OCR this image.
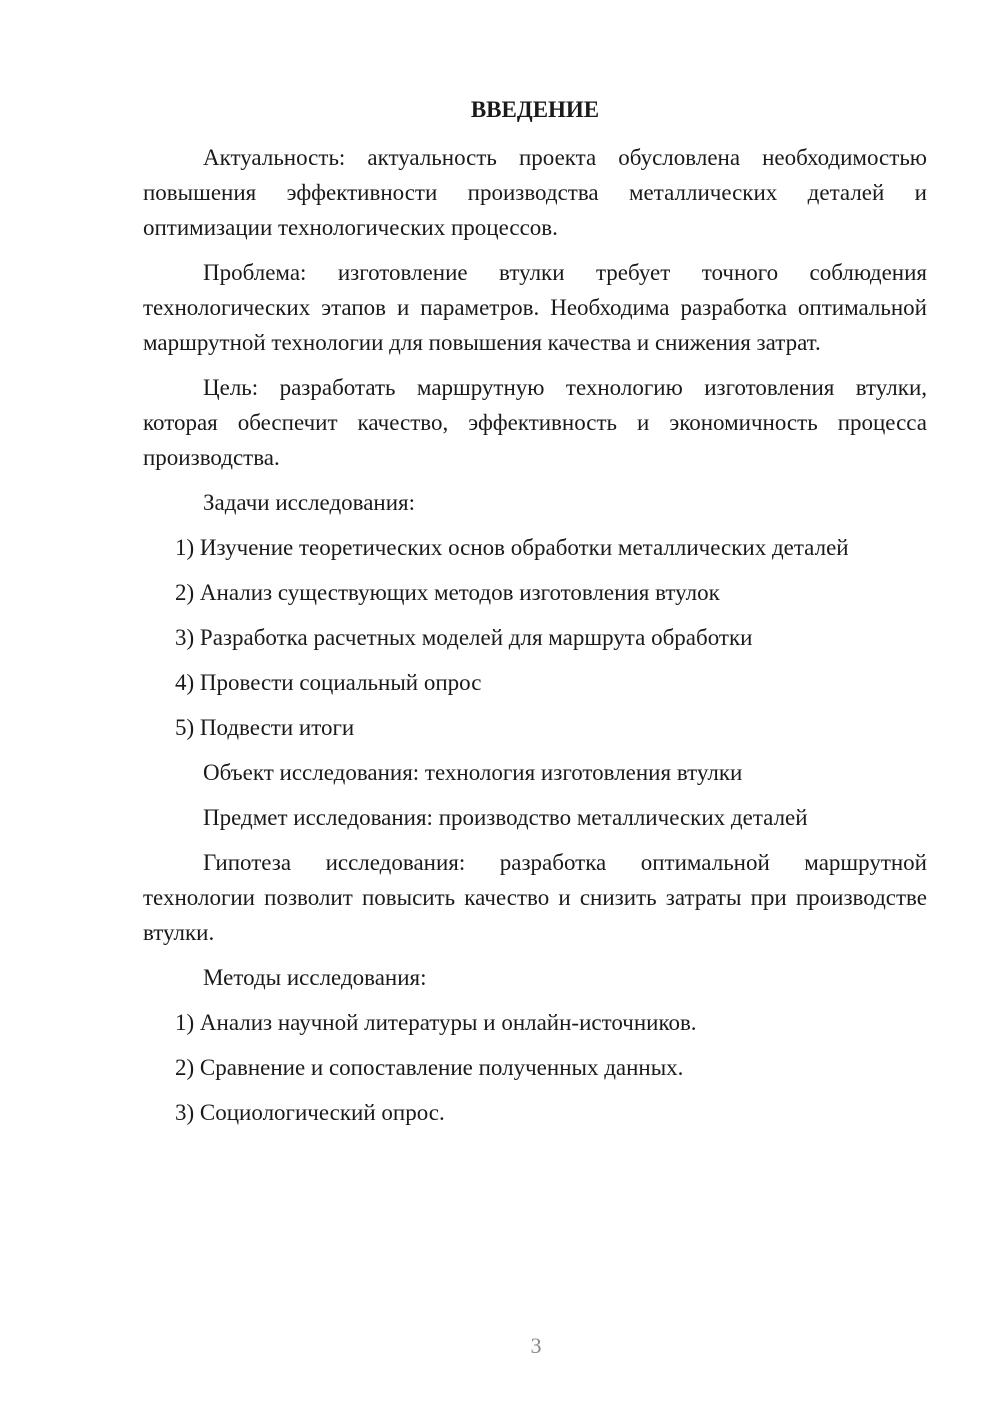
ВВЕДЕНИЕ

Актуальность: актуальность проекта обусловлена необходимостью повышения эффективности производства металлических деталей и оптимизации технологических процессов.

Проблема: изготовление втулки требует точного соблюдения технологических этапов и параметров. Необходима разработка оптимальной маршрутной технологии для повышения качества и снижения затрат.

Цель: разработать маршрутную технологию изготовления втулки, которая обеспечит качество, эффективность и экономичность процесса производства.

Задачи исследования:

1) Изучение теоретических основ обработки металлических деталей
2) Анализ существующих методов изготовления втулок
3) Разработка расчетных моделей для маршрута обработки
4) Провести социальный опрос
5) Подвести итоги

Объект исследования: технология изготовления втулки

Предмет исследования: производство металлических деталей

Гипотеза исследования: разработка оптимальной маршрутной технологии позволит повысить качество и снизить затраты при производстве втулки.

Методы исследования:

1) Анализ научной литературы и онлайн-источников.
2) Сравнение и сопоставление полученных данных.
3) Социологический опрос.
3
